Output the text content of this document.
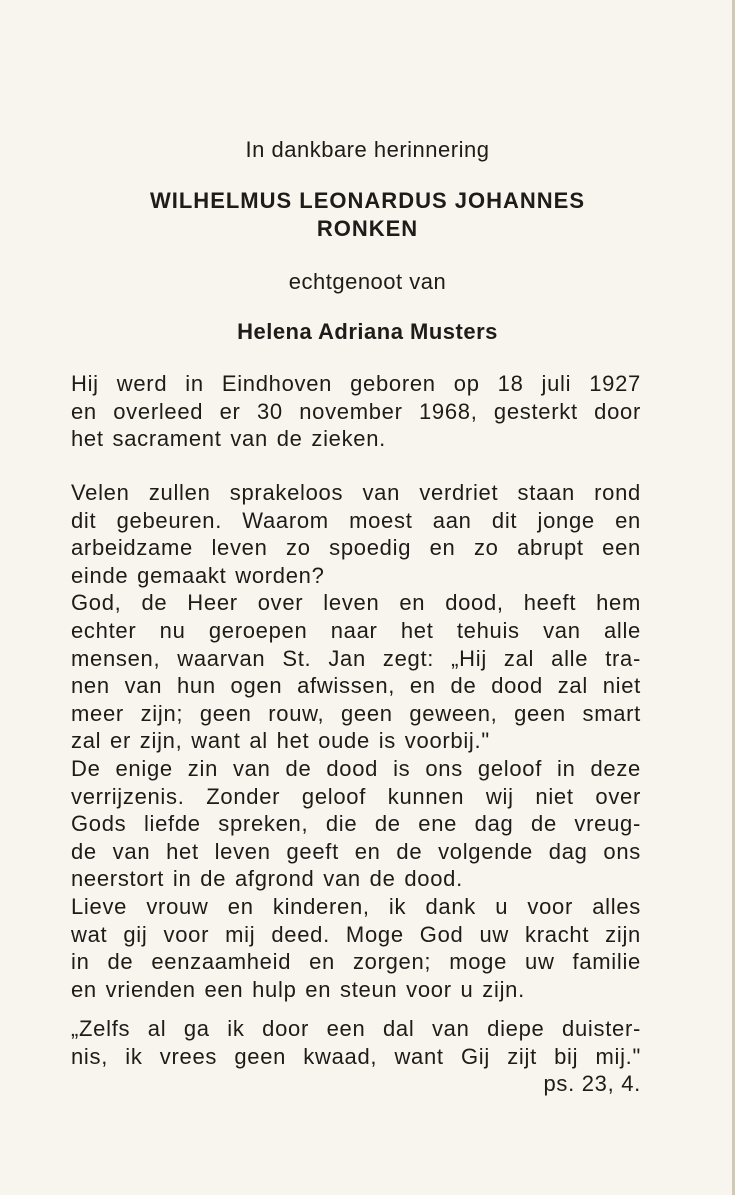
In dankbare herinnering
WILHELMUS LEONARDUS JOHANNES
RONKEN
echtgenoot van
Helena Adriana Musters
Hij werd in Eindhoven geboren op 18 juli 1927
en overleed er 30 november 1968, gesterkt door
het sacrament van de zieken.
Velen zullen sprakeloos van verdriet staan rond
dit gebeuren. Waarom moest aan dit jonge en
arbeidzame leven zo spoedig en zo abrupt een
einde gemaakt worden?
God, de Heer over leven en dood, heeft hem
echter nu geroepen naar het tehuis van alle
mensen, waarvan St. Jan zegt: „Hij zal alle tra-
nen van hun ogen afwissen, en de dood zal niet
meer zijn; geen rouw, geen geween, geen smart
zal er zijn, want al het oude is voorbij."
De enige zin van de dood is ons geloof in deze
verrijzenis. Zonder geloof kunnen wij niet over
Gods liefde spreken, die de ene dag de vreug-
de van het leven geeft en de volgende dag ons
neerstort in de afgrond van de dood.
Lieve vrouw en kinderen, ik dank u voor alles
wat gij voor mij deed. Moge God uw kracht zijn
in de eenzaamheid en zorgen; moge uw familie
en vrienden een hulp en steun voor u zijn.
„Zelfs al ga ik door een dal van diepe duister-
nis, ik vrees geen kwaad, want Gij zijt bij mij."
ps. 23, 4.
